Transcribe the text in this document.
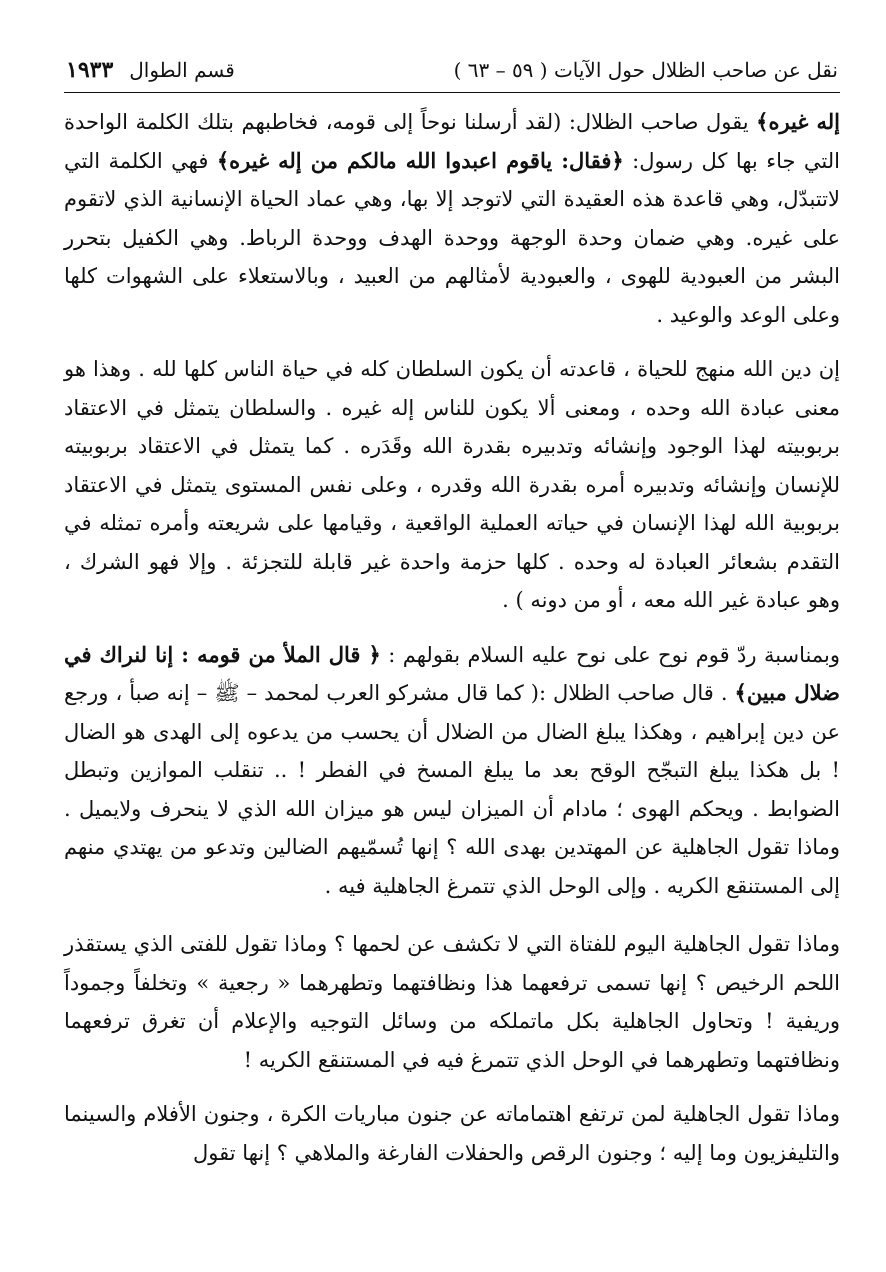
نقل عن صاحب الظلال حول الآيات ( ٥٩ – ٦٣ )
قسم الطوال
١٩٣٣

إله غيره﴾ يقول صاحب الظلال: (لقد أرسلنا نوحاً إلى قومه، فخاطبهم بتلك الكلمة الواحدة التي جاء بها كل رسول: ﴿فقال: ياقوم اعبدوا الله مالكم من إله غيره﴾ فهي الكلمة التي لاتتبدّل، وهي قاعدة هذه العقيدة التي لاتوجد إلا بها، وهي عماد الحياة الإنسانية الذي لاتقوم على غيره. وهي ضمان وحدة الوجهة ووحدة الهدف ووحدة الرباط. وهي الكفيل بتحرر البشر من العبودية للهوى ، والعبودية لأمثالهم من العبيد ، وبالاستعلاء على الشهوات كلها وعلى الوعد والوعيد .

إن دين الله منهج للحياة ، قاعدته أن يكون السلطان كله في حياة الناس كلها لله . وهذا هو معنى عبادة الله وحده ، ومعنى ألا يكون للناس إله غيره . والسلطان يتمثل في الاعتقاد بربوبيته لهذا الوجود وإنشائه وتدبيره بقدرة الله وقَدَره . كما يتمثل في الاعتقاد بربوبيته للإنسان وإنشائه وتدبيره أمره بقدرة الله وقدره ، وعلى نفس المستوى يتمثل في الاعتقاد بربوبية الله لهذا الإنسان في حياته العملية الواقعية ، وقيامها على شريعته وأمره تمثله في التقدم بشعائر العبادة له وحده . كلها حزمة واحدة غير قابلة للتجزئة . وإلا فهو الشرك ، وهو عبادة غير الله معه ، أو من دونه ) .

وبمناسبة ردّ قوم نوح على نوح عليه السلام بقولهم : ﴿ قال الملأ من قومه : إنا لنراك في ضلال مبين﴾ . قال صاحب الظلال :( كما قال مشركو العرب لمحمد – ﷺ – إنه صبأ ، ورجع عن دين إبراهيم ، وهكذا يبلغ الضال من الضلال أن يحسب من يدعوه إلى الهدى هو الضال ! بل هكذا يبلغ التبجّح الوقح بعد ما يبلغ المسخ في الفطر ! .. تنقلب الموازين وتبطل الضوابط . ويحكم الهوى ؛ مادام أن الميزان ليس هو ميزان الله الذي لا ينحرف ولايميل . وماذا تقول الجاهلية عن المهتدين بهدى الله ؟ إنها تُسمّيهم الضالين وتدعو من يهتدي منهم إلى المستنقع الكريه . وإلى الوحل الذي تتمرغ الجاهلية فيه .

وماذا تقول الجاهلية اليوم للفتاة التي لا تكشف عن لحمها ؟ وماذا تقول للفتى الذي يستقذر اللحم الرخيص ؟ إنها تسمى ترفعهما هذا ونظافتهما وتطهرهما « رجعية » وتخلفاً وجموداً وريفية ! وتحاول الجاهلية بكل ماتملكه من وسائل التوجيه والإعلام أن تغرق ترفعهما ونظافتهما وتطهرهما في الوحل الذي تتمرغ فيه في المستنقع الكريه !

وماذا تقول الجاهلية لمن ترتفع اهتماماته عن جنون مباريات الكرة ، وجنون الأفلام والسينما والتليفزيون وما إليه ؛ وجنون الرقص والحفلات الفارغة والملاهي ؟ إنها تقول
